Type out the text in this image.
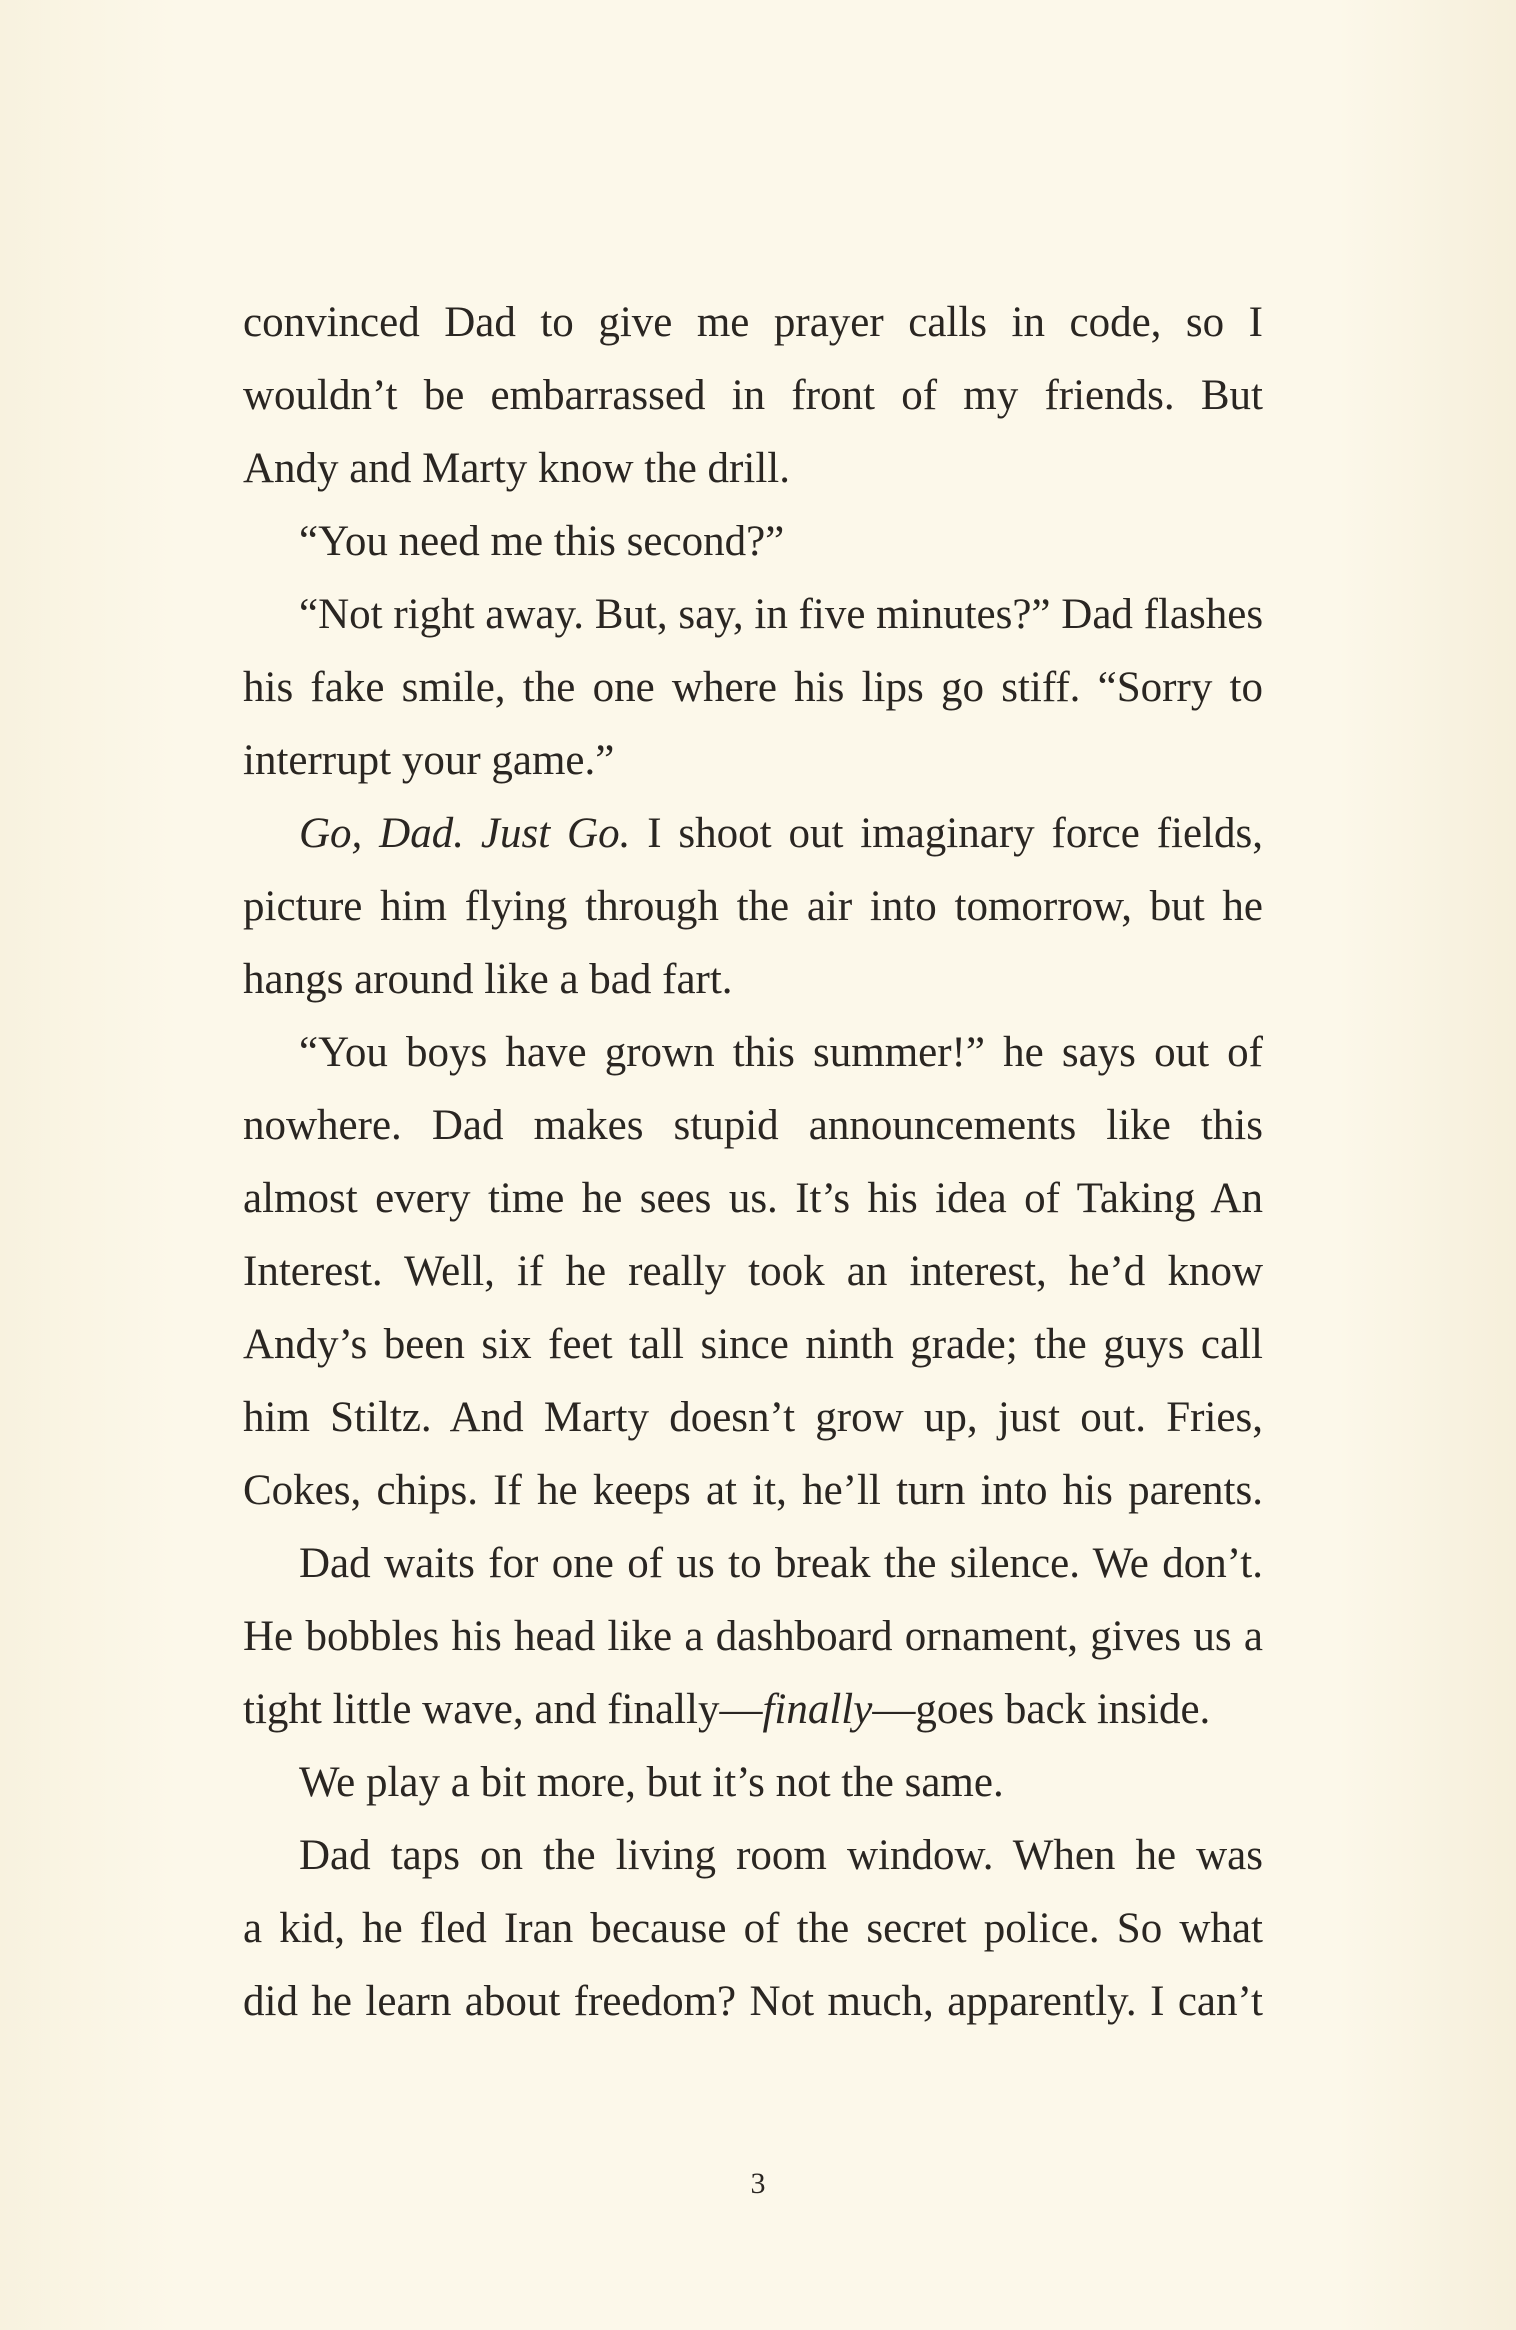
convinced Dad to give me prayer calls in code, so I
wouldn’t be embarrassed in front of my friends. But
Andy and Marty know the drill.
“You need me this second?”
“Not right away. But, say, in five minutes?” Dad flashes
his fake smile, the one where his lips go stiff. “Sorry to
interrupt your game.”
Go, Dad. Just Go. I shoot out imaginary force fields,
picture him flying through the air into tomorrow, but he
hangs around like a bad fart.
“You boys have grown this summer!” he says out of
nowhere. Dad makes stupid announcements like this
almost every time he sees us. It’s his idea of Taking An
Interest. Well, if he really took an interest, he’d know
Andy’s been six feet tall since ninth grade; the guys call
him Stiltz. And Marty doesn’t grow up, just out. Fries,
Cokes, chips. If he keeps at it, he’ll turn into his parents.
Dad waits for one of us to break the silence. We don’t.
He bobbles his head like a dashboard ornament, gives us a
tight little wave, and finally—finally—goes back inside.
We play a bit more, but it’s not the same.
Dad taps on the living room window. When he was
a kid, he fled Iran because of the secret police. So what
did he learn about freedom? Not much, apparently. I can’t
3
